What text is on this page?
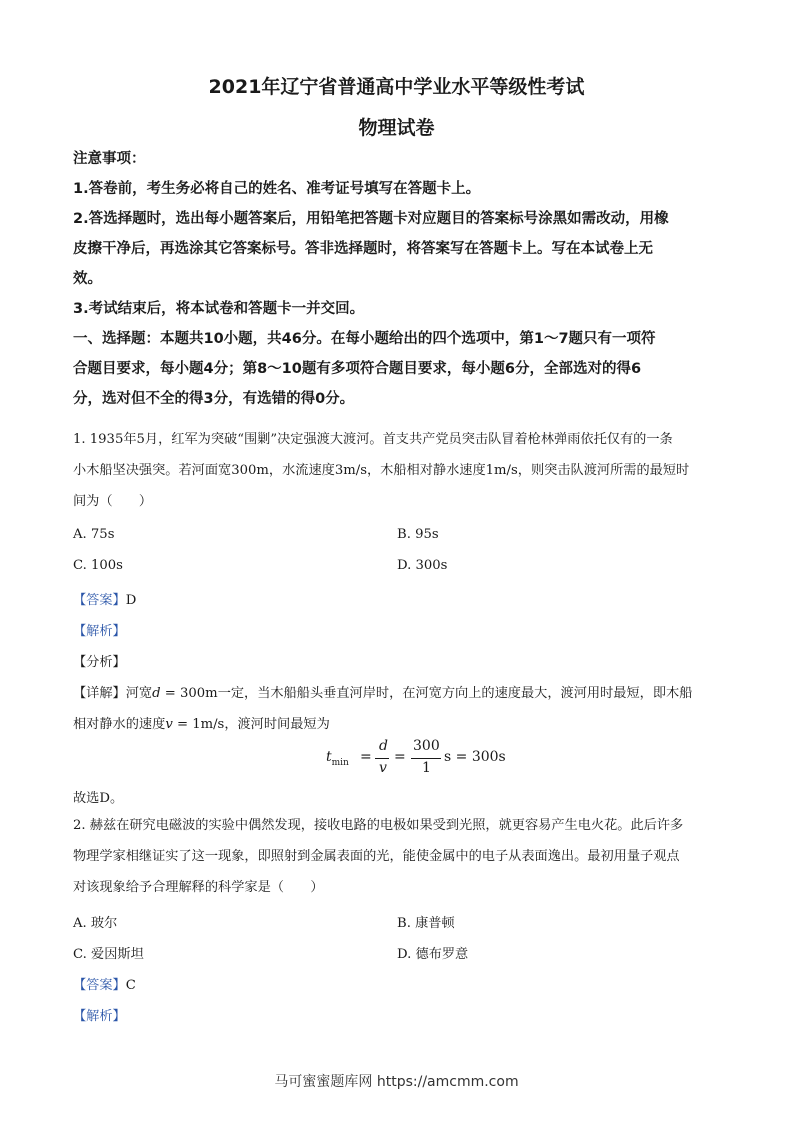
2021年辽宁省普通高中学业水平等级性考试
物理试卷
注意事项：
1.答卷前，考生务必将自己的姓名、准考证号填写在答题卡上。
2.答选择题时，选出每小题答案后，用铅笔把答题卡对应题目的答案标号涂黑如需改动，用橡
皮擦干净后，再选涂其它答案标号。答非选择题时，将答案写在答题卡上。写在本试卷上无
效。
3.考试结束后，将本试卷和答题卡一并交回。
一、选择题：本题共10小题，共46分。在每小题给出的四个选项中，第1～7题只有一项符
合题目要求，每小题4分；第8～10题有多项符合题目要求，每小题6分，全部选对的得6
分，选对但不全的得3分，有选错的得0分。
1. 1935年5月，红军为突破“围剿”决定强渡大渡河。首支共产党员突击队冒着枪林弹雨依托仅有的一条
小木船坚决强突。若河面宽300m，水流速度3m/s，木船相对静水速度1m/s，则突击队渡河所需的最短时
间为（　　）
A. 75s	B. 95s
C. 100s	D. 300s
【答案】D
【解析】
【分析】
【详解】河宽d = 300m一定，当木船船头垂直河岸时，在河宽方向上的速度最大，渡河用时最短，即木船
相对静水的速度v = 1m/s，渡河时间最短为
$t_{min}$ =
d
v
=
300
1
s = 300s
故选D。
2. 赫兹在研究电磁波的实验中偶然发现，接收电路的电极如果受到光照，就更容易产生电火花。此后许多
物理学家相继证实了这一现象，即照射到金属表面的光，能使金属中的电子从表面逸出。最初用量子观点
对该现象给予合理解释的科学家是（　　）
A. 玻尔	B. 康普顿
C. 爱因斯坦	D. 德布罗意
【答案】C
【解析】
马可蜜蜜题库网 https://amcmm.com
